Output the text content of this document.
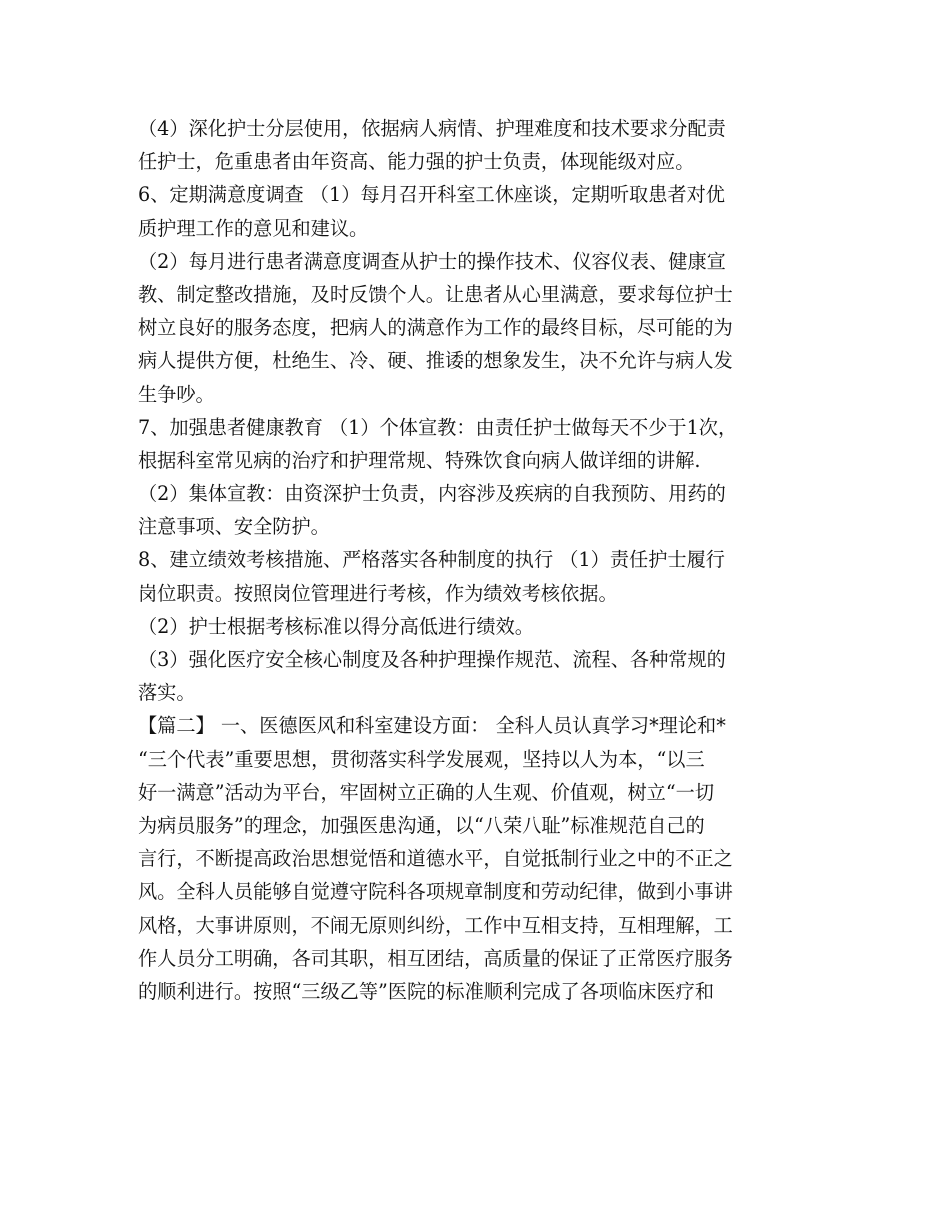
（4）深化护士分层使用，依据病人病情、护理难度和技术要求分配责
任护士，危重患者由年资高、能力强的护士负责，体现能级对应。
6、定期满意度调查 （1）每月召开科室工休座谈，定期听取患者对优
质护理工作的意见和建议。
（2）每月进行患者满意度调查从护士的操作技术、仪容仪表、健康宣
教、制定整改措施，及时反馈个人。让患者从心里满意，要求每位护士
树立良好的服务态度，把病人的满意作为工作的最终目标，尽可能的为
病人提供方便，杜绝生、冷、硬、推诿的想象发生，决不允许与病人发
生争吵。
7、加强患者健康教育 （1）个体宣教：由责任护士做每天不少于1次，
根据科室常见病的治疗和护理常规、特殊饮食向病人做详细的讲解.
（2）集体宣教：由资深护士负责，内容涉及疾病的自我预防、用药的
注意事项、安全防护。
8、建立绩效考核措施、严格落实各种制度的执行 （1）责任护士履行
岗位职责。按照岗位管理进行考核，作为绩效考核依据。
（2）护士根据考核标准以得分高低进行绩效。
（3）强化医疗安全核心制度及各种护理操作规范、流程、各种常规的
落实。
【篇二】 一、医德医风和科室建设方面： 全科人员认真学习*理论和*
“三个代表”重要思想，贯彻落实科学发展观，坚持以人为本，“以三
好一满意”活动为平台，牢固树立正确的人生观、价值观，树立“一切
为病员服务”的理念，加强医患沟通，以“八荣八耻”标准规范自己的
言行，不断提高政治思想觉悟和道德水平，自觉抵制行业之中的不正之
风。全科人员能够自觉遵守院科各项规章制度和劳动纪律，做到小事讲
风格，大事讲原则，不闹无原则纠纷，工作中互相支持，互相理解，工
作人员分工明确，各司其职，相互团结，高质量的保证了正常医疗服务
的顺利进行。按照“三级乙等”医院的标准顺利完成了各项临床医疗和
